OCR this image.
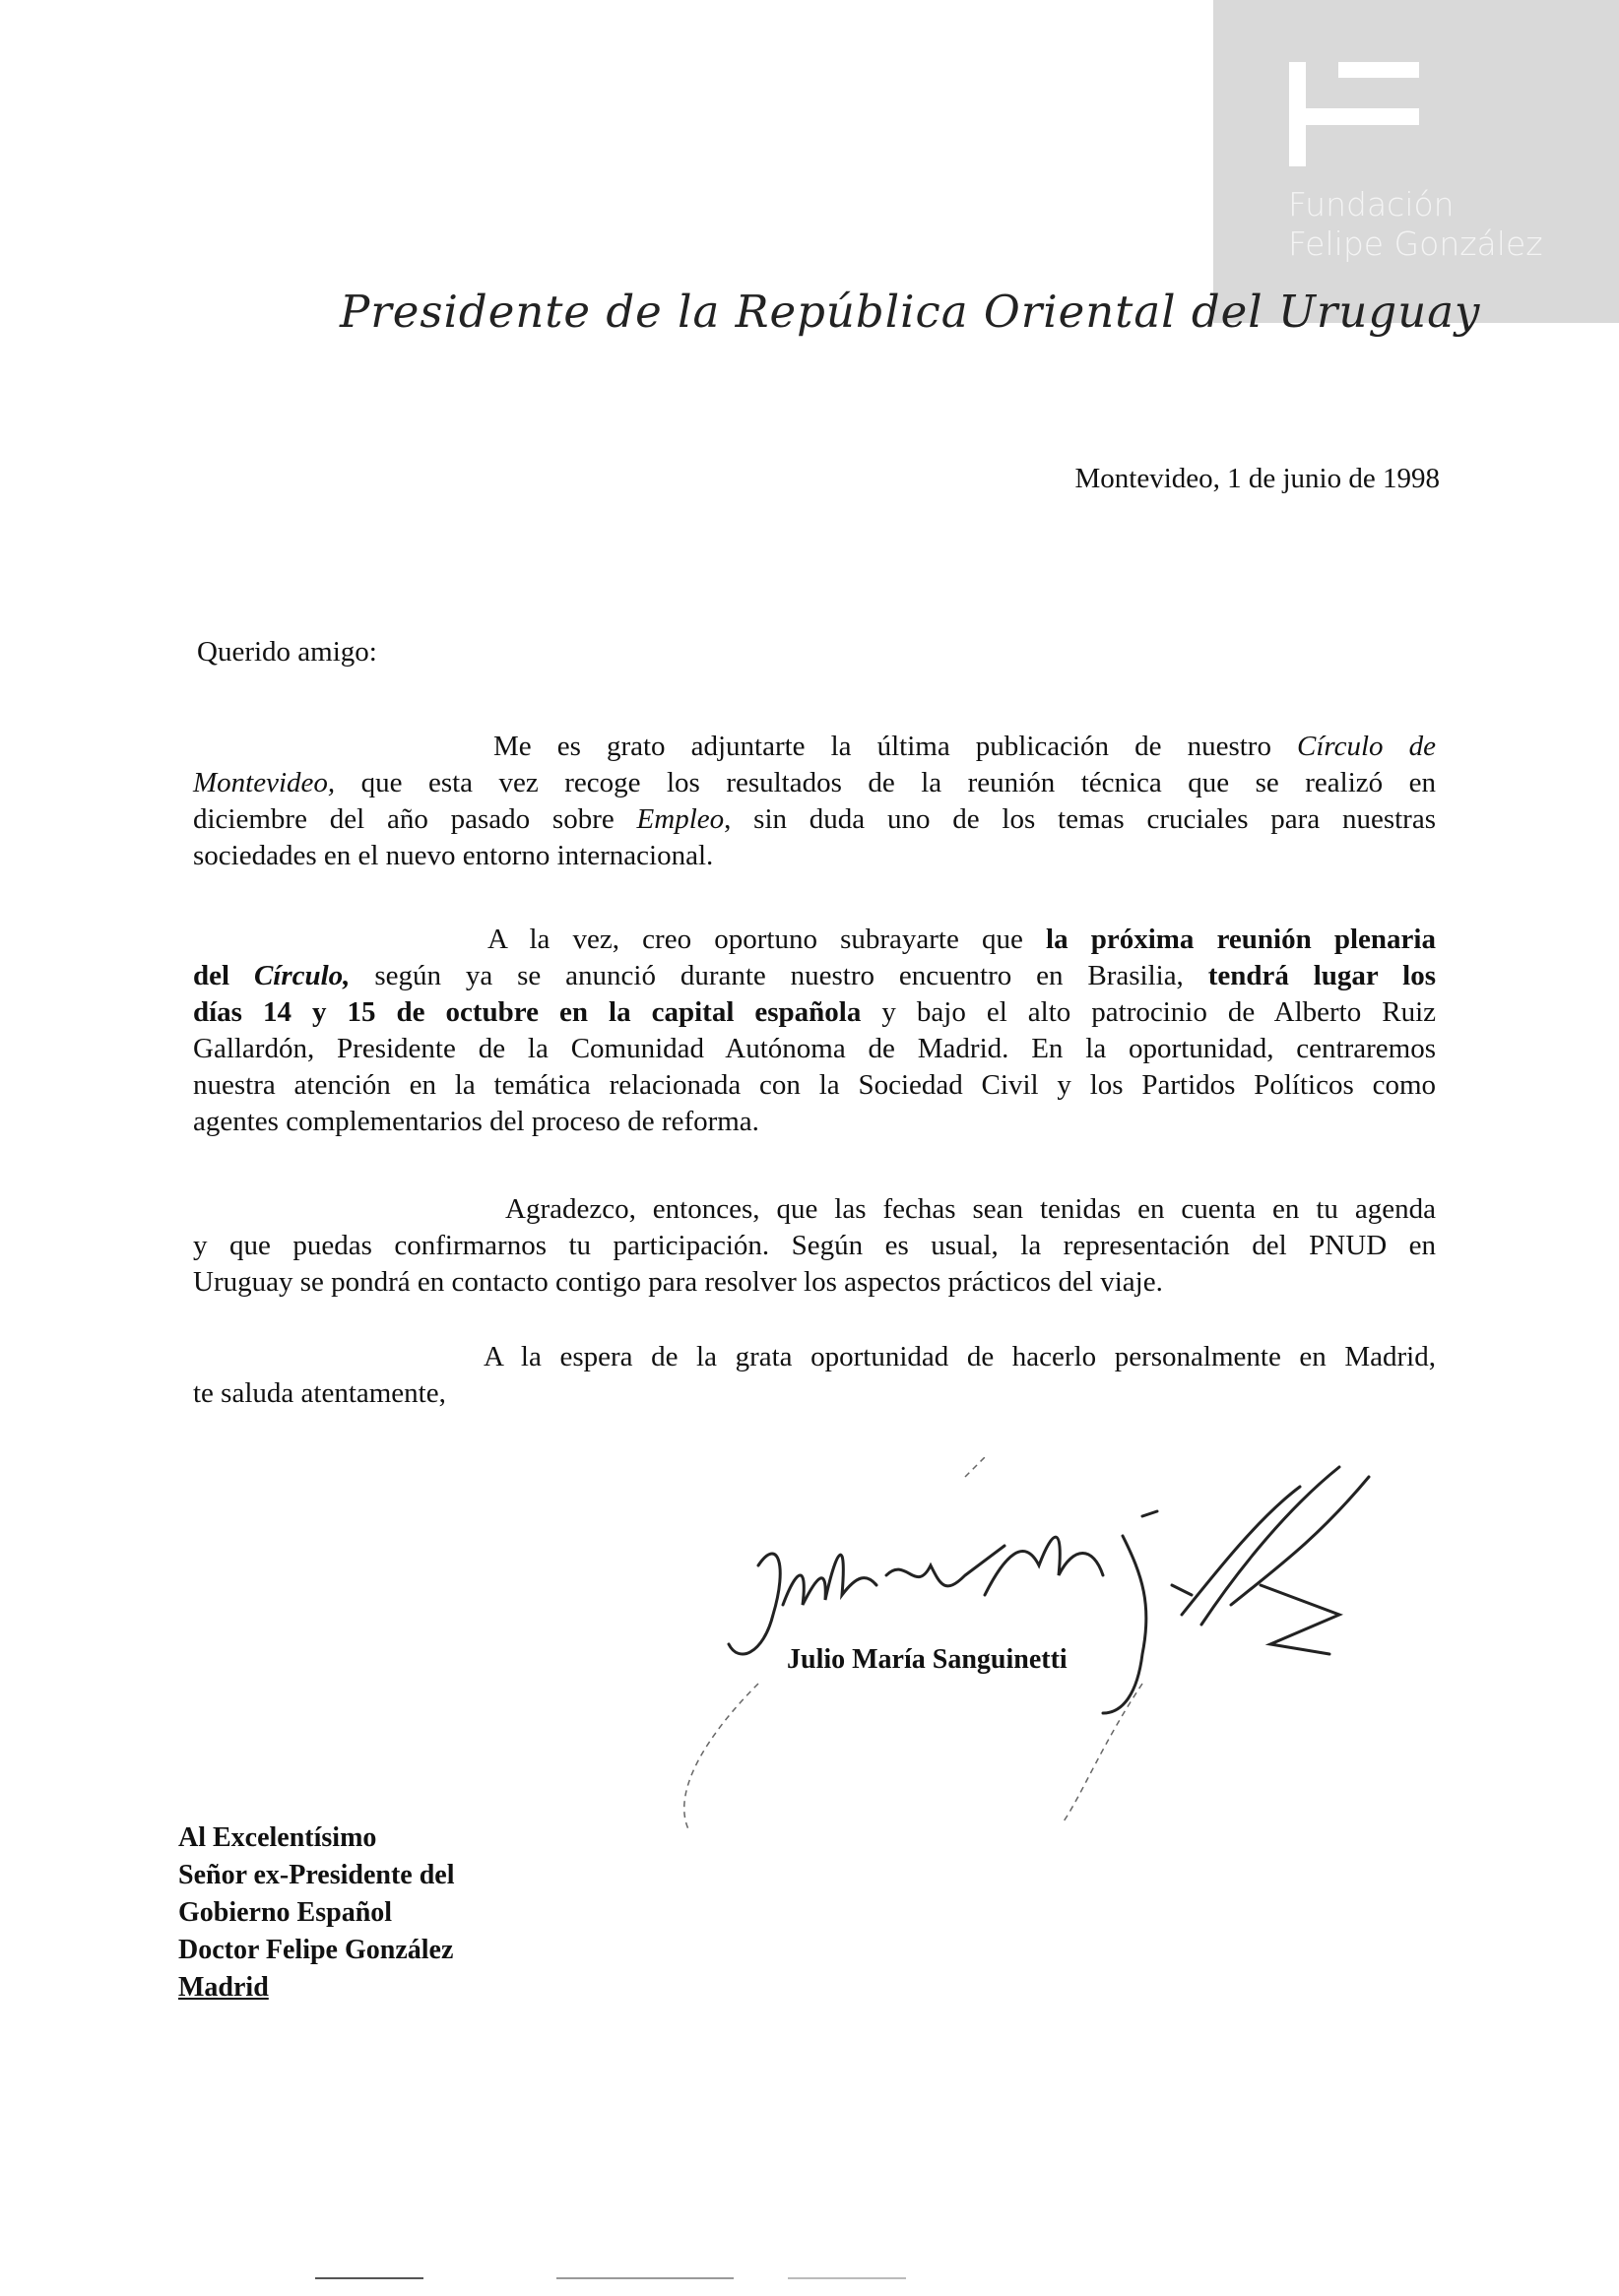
Fundación
Felipe González
Presidente de la República Oriental del Uruguay
Montevideo, 1 de junio de 1998
Querido amigo:
Me es grato adjuntarte la última publicación de nuestro Círculo de
Montevideo, que esta vez recoge los resultados de la reunión técnica que se realizó en
diciembre del año pasado sobre Empleo, sin duda uno de los temas cruciales para nuestras
sociedades en el nuevo entorno internacional.
A la vez, creo oportuno subrayarte que la próxima reunión plenaria
del Círculo, según ya se anunció durante nuestro encuentro en Brasilia, tendrá lugar los
días 14 y 15 de octubre en la capital española y bajo el alto patrocinio de Alberto Ruiz
Gallardón, Presidente de la Comunidad Autónoma de Madrid. En la oportunidad, centraremos
nuestra atención en la temática relacionada con la Sociedad Civil y los Partidos Políticos como
agentes complementarios del proceso de reforma.
Agradezco, entonces, que las fechas sean tenidas en cuenta en tu agenda
y que puedas confirmarnos tu participación. Según es usual, la representación del PNUD en
Uruguay se pondrá en contacto contigo para resolver los aspectos prácticos del viaje.
A la espera de la grata oportunidad de hacerlo personalmente en Madrid,
te saluda atentamente,
Julio María Sanguinetti
Al Excelentísimo
Señor ex-Presidente del
Gobierno Español
Doctor Felipe González
Madrid
